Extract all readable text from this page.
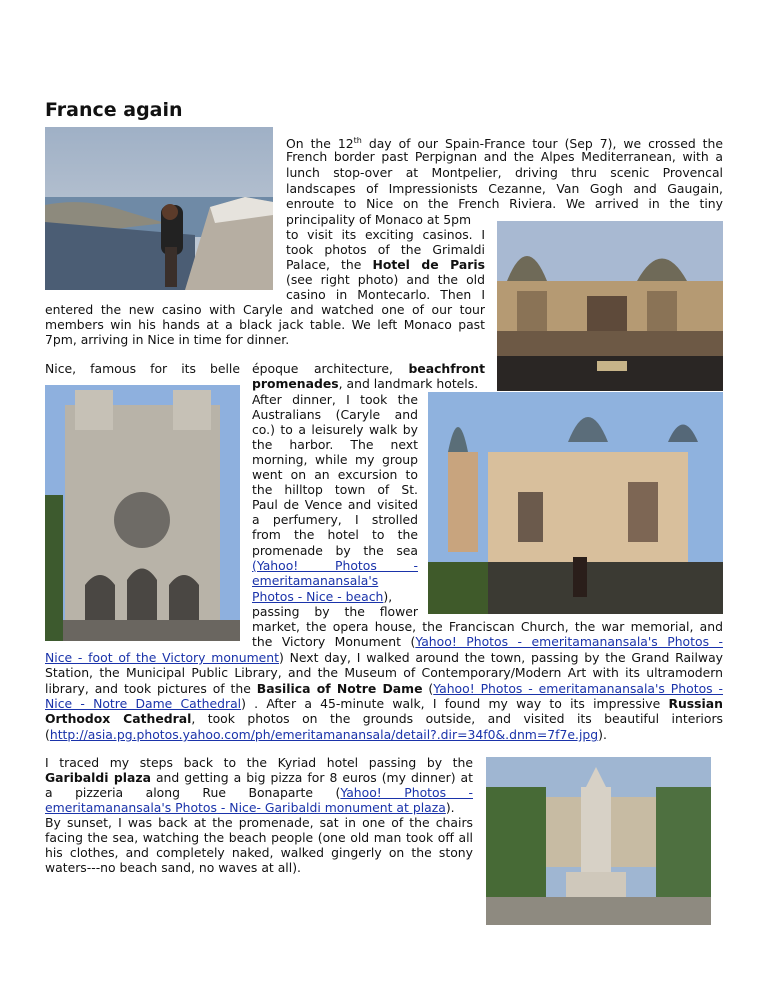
France again
On the 12th day of our Spain-France tour (Sep 7), we crossed the
French border past Perpignan and the Alpes Mediterranean, with a
lunch stop-over at Montpelier, driving thru scenic Provencal
landscapes of Impressionists Cezanne, Van Gogh and Gaugain,
enroute to Nice on the French Riviera. We arrived in the tiny
principality of Monaco at 5pm
to visit its exciting casinos. I
took photos of the Grimaldi
Palace, the Hotel de Paris
(see right photo) and the old
casino in Montecarlo. Then I
entered the new casino with Caryle and watched one of our tour
members win his hands at a black jack table. We left Monaco past
7pm, arriving in Nice in time for dinner.
Nice, famous for its belle époque architecture, beachfront
promenades, and landmark hotels.
After dinner, I took the
Australians (Caryle and
co.) to a leisurely walk by
the harbor. The next
morning, while my group
went on an excursion to
the hilltop town of St.
Paul de Vence and visited
a perfumery, I strolled
from the hotel to the
promenade by the sea
(Yahoo! Photos -
emeritamanansala's
Photos - Nice - beach),
passing by the flower
market, the opera house, the Franciscan Church, the war memorial, and
the Victory Monument (Yahoo! Photos - emeritamanansala's Photos -
Nice - foot of the Victory monument) Next day, I walked around the town, passing by the Grand Railway
Station, the Municipal Public Library, and the Museum of Contemporary/Modern Art with its ultramodern
library, and took pictures of the Basilica of Notre Dame (Yahoo! Photos - emeritamanansala's Photos -
Nice - Notre Dame Cathedral) . After a 45-minute walk, I found my way to its impressive Russian
Orthodox Cathedral, took photos on the grounds outside, and visited its beautiful interiors
(http://asia.pg.photos.yahoo.com/ph/emeritamanansala/detail?.dir=34f0&.dnm=7f7e.jpg).
I traced my steps back to the Kyriad hotel passing by the
Garibaldi plaza and getting a big pizza for 8 euros (my dinner) at
a pizzeria along Rue Bonaparte (Yahoo! Photos -
emeritamanansala's Photos - Nice- Garibaldi monument at plaza).
By sunset, I was back at the promenade, sat in one of the chairs
facing the sea, watching the beach people (one old man took off all
his clothes, and completely naked, walked gingerly on the stony
waters---no beach sand, no waves at all).
